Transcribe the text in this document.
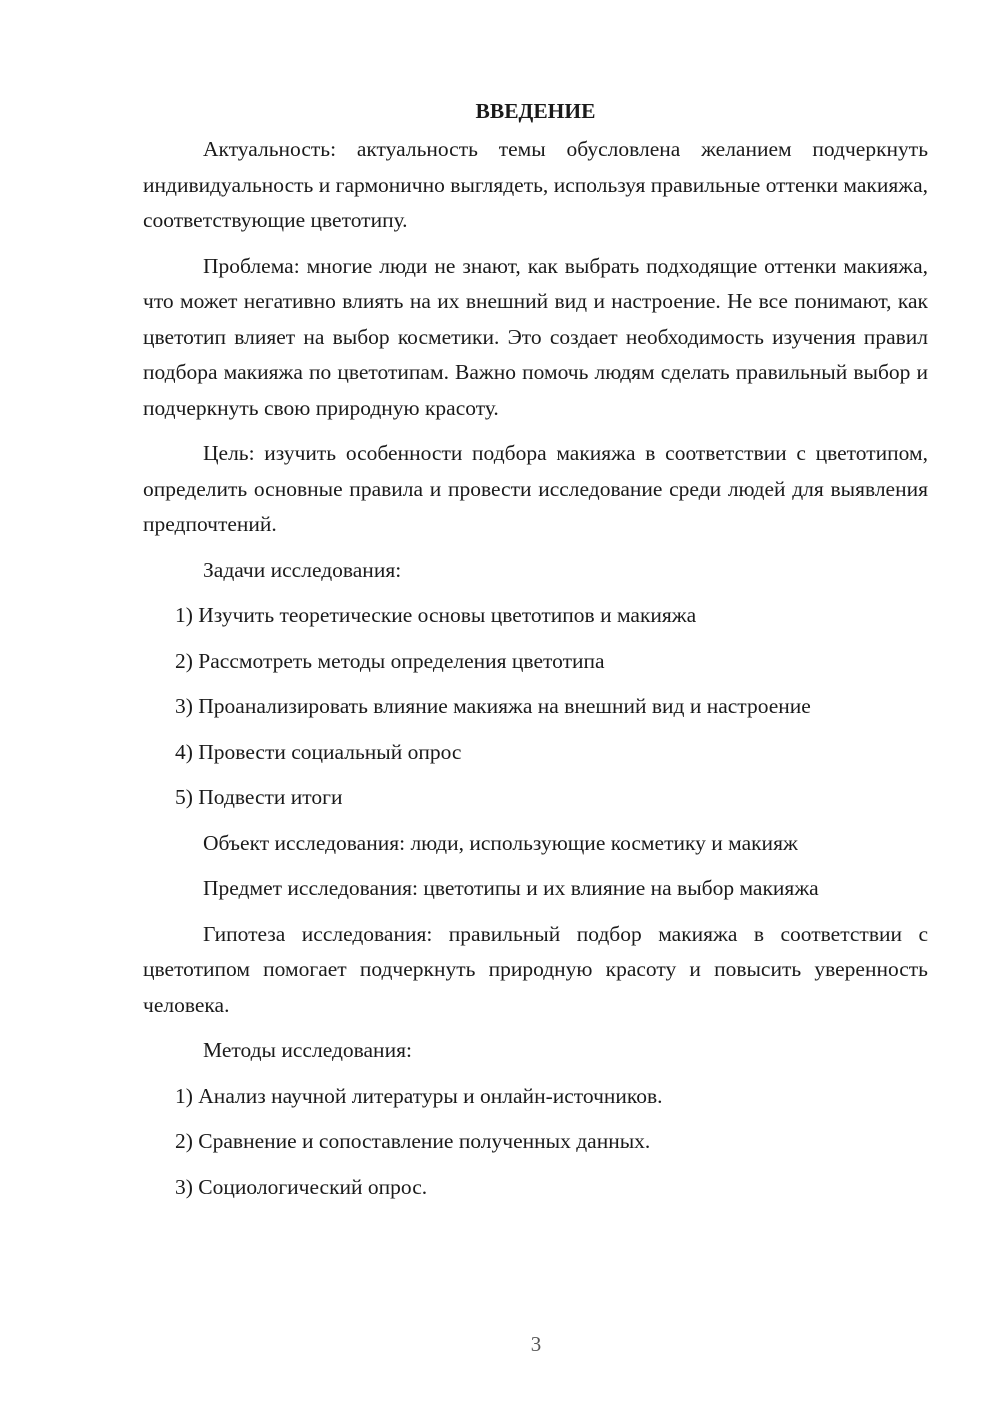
ВВЕДЕНИЕ

Актуальность: актуальность темы обусловлена желанием подчеркнуть индивидуальность и гармонично выглядеть, используя правильные оттенки макияжа, соответствующие цветотипу.

Проблема: многие люди не знают, как выбрать подходящие оттенки макияжа, что может негативно влиять на их внешний вид и настроение. Не все понимают, как цветотип влияет на выбор косметики. Это создает необходимость изучения правил подбора макияжа по цветотипам. Важно помочь людям сделать правильный выбор и подчеркнуть свою природную красоту.

Цель: изучить особенности подбора макияжа в соответствии с цветотипом, определить основные правила и провести исследование среди людей для выявления предпочтений.

Задачи исследования:

1) Изучить теоретические основы цветотипов и макияжа
2) Рассмотреть методы определения цветотипа
3) Проанализировать влияние макияжа на внешний вид и настроение
4) Провести социальный опрос
5) Подвести итоги

Объект исследования: люди, использующие косметику и макияж

Предмет исследования: цветотипы и их влияние на выбор макияжа

Гипотеза исследования: правильный подбор макияжа в соответствии с цветотипом помогает подчеркнуть природную красоту и повысить уверенность человека.

Методы исследования:

1) Анализ научной литературы и онлайн-источников.
2) Сравнение и сопоставление полученных данных.
3) Социологический опрос.
3
